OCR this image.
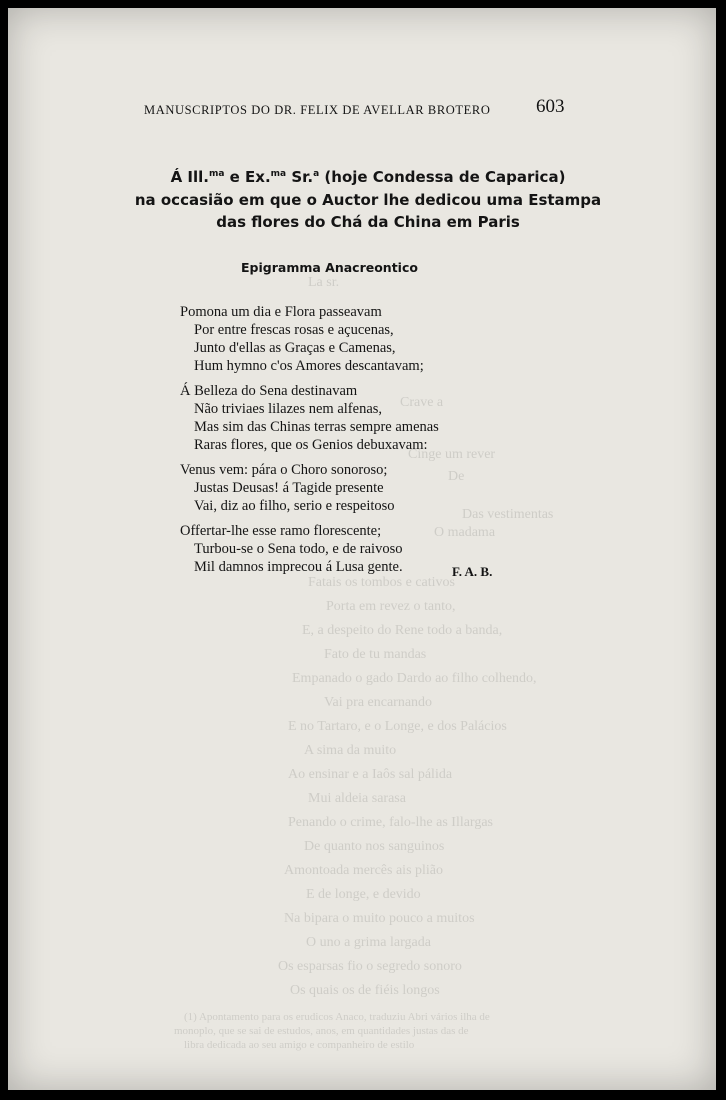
La sr.
Crave a
Cinge um rever
De
Das vestimentas
O madama
Fatais os tombos e cativos
Porta em revez o tanto,
E, a despeito do Rene todo a banda,
Fato de tu mandas
Empanado o gado Dardo ao filho colhendo,
Vai pra encarnando
E no Tartaro, e o Longe, e dos Palácios
A sima da muito
Ao ensinar e a Iaôs sal pálida
Mui aldeia sarasa
Penando o crime, falo-lhe as Illargas
De quanto nos sanguinos
Amontoada mercês ais plião
E de longe, e devido
Na bipara o muito pouco a muitos
O uno a grima largada
Os esparsas fio o segredo sonoro
Os quais os de fiéis longos
(1) Apontamento para os erudicos Anaco, traduziu Abri vários ilha de
monoplo, que se sai de estudos, anos, em quantidades justas das de
libra dedicada ao seu amigo e companheiro de estilo
MANUSCRIPTOS DO DR. FELIX DE AVELLAR BROTERO 603
Á Ill.$^{ma}$ e Ex.$^{ma}$ Sr.$^a$ (hoje Condessa de Caparica)
na occasião em que o Auctor lhe dedicou uma Estampa
das flores do Chá da China em Paris
Epigramma Anacreontico
Pomona um dia e Flora passeavam
Por entre frescas rosas e açucenas,
Junto d'ellas as Graças e Camenas,
Hum hymno c'os Amores descantavam;
Á Belleza do Sena destinavam
Não triviaes lilazes nem alfenas,
Mas sim das Chinas terras sempre amenas
Raras flores, que os Genios debuxavam:
Venus vem: pára o Choro sonoroso;
Justas Deusas! á Tagide presente
Vai, diz ao filho, serio e respeitoso
Offertar-lhe esse ramo florescente;
Turbou-se o Sena todo, e de raivoso
Mil damnos imprecou á Lusa gente.	F. A. B.
